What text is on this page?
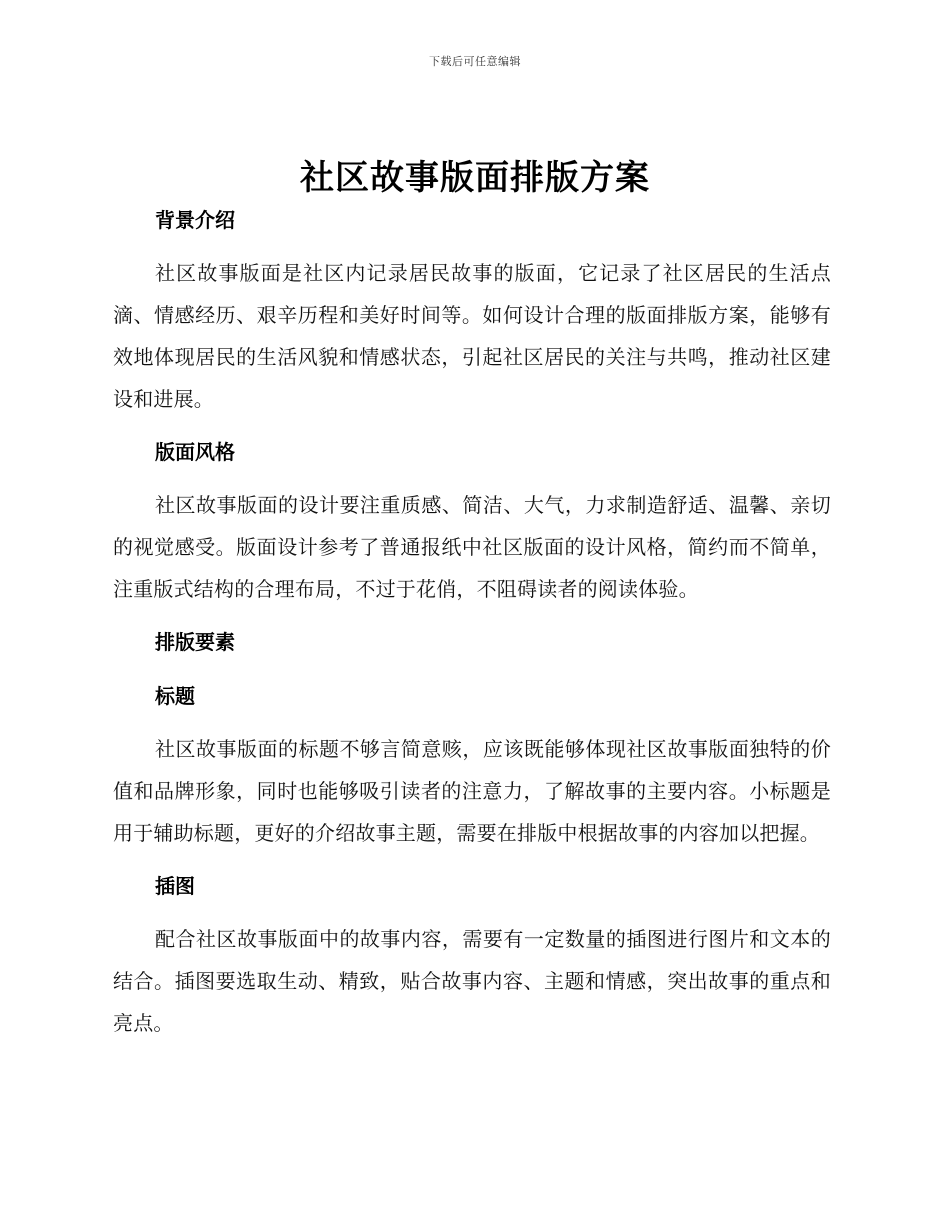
下载后可任意编辑
社区故事版面排版方案
背景介绍

社区故事版面是社区内记录居民故事的版面，它记录了社区居民的生活点滴、情感经历、艰辛历程和美好时间等。如何设计合理的版面排版方案，能够有效地体现居民的生活风貌和情感状态，引起社区居民的关注与共鸣，推动社区建设和进展。

版面风格

社区故事版面的设计要注重质感、简洁、大气，力求制造舒适、温馨、亲切的视觉感受。版面设计参考了普通报纸中社区版面的设计风格，简约而不简单，注重版式结构的合理布局，不过于花俏，不阻碍读者的阅读体验。

排版要素
标题

社区故事版面的标题不够言简意赅，应该既能够体现社区故事版面独特的价值和品牌形象，同时也能够吸引读者的注意力，了解故事的主要内容。小标题是用于辅助标题，更好的介绍故事主题，需要在排版中根据故事的内容加以把握。

插图

配合社区故事版面中的故事内容，需要有一定数量的插图进行图片和文本的结合。插图要选取生动、精致，贴合故事内容、主题和情感，突出故事的重点和亮点。
